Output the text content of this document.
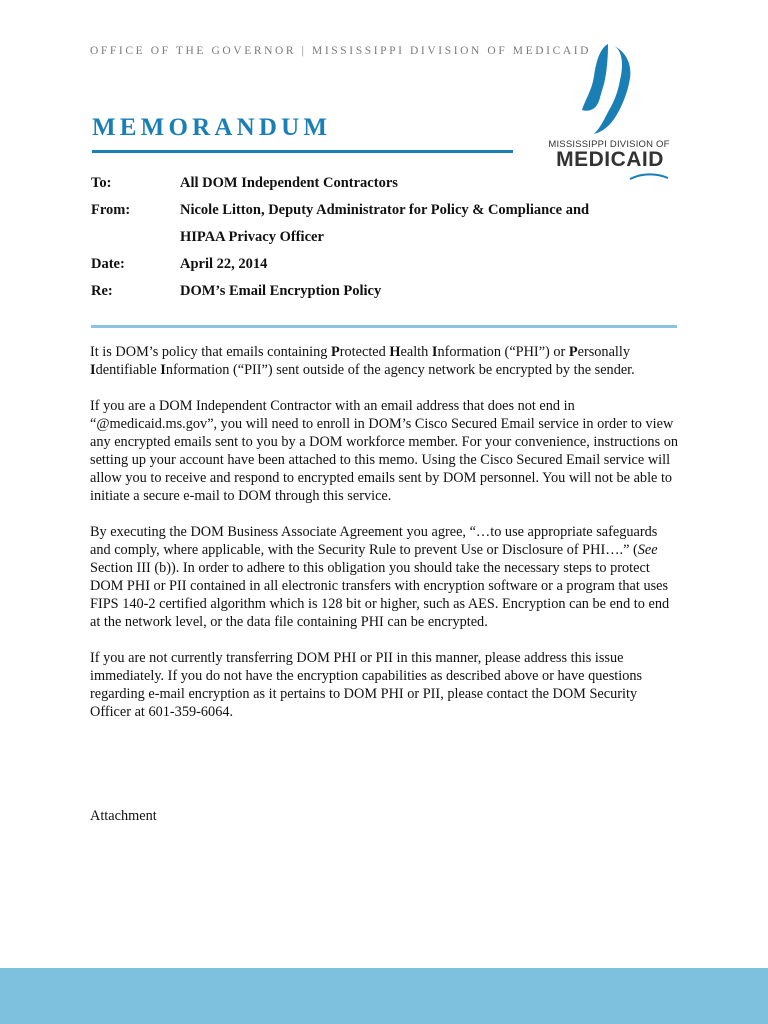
OFFICE OF THE GOVERNOR | MISSISSIPPI DIVISION OF MEDICAID
MEMORANDUM
MISSISSIPPI DIVISION OF
MEDICAID
To:	All DOM Independent Contractors
From:	Nicole Litton, Deputy Administrator for Policy & Compliance and
HIPAA Privacy Officer
Date:	April 22, 2014
Re:	DOM’s Email Encryption Policy

It is DOM’s policy that emails containing Protected Health Information (“PHI”) or Personally Identifiable Information (“PII”) sent outside of the agency network be encrypted by the sender.

If you are a DOM Independent Contractor with an email address that does not end in “@medicaid.ms.gov”, you will need to enroll in DOM’s Cisco Secured Email service in order to view any encrypted emails sent to you by a DOM workforce member. For your convenience, instructions on setting up your account have been attached to this memo. Using the Cisco Secured Email service will allow you to receive and respond to encrypted emails sent by DOM personnel. You will not be able to initiate a secure e-mail to DOM through this service.

By executing the DOM Business Associate Agreement you agree, “…to use appropriate safeguards and comply, where applicable, with the Security Rule to prevent Use or Disclosure of PHI….” (See Section III (b)). In order to adhere to this obligation you should take the necessary steps to protect DOM PHI or PII contained in all electronic transfers with encryption software or a program that uses FIPS 140-2 certified algorithm which is 128 bit or higher, such as AES. Encryption can be end to end at the network level, or the data file containing PHI can be encrypted.

If you are not currently transferring DOM PHI or PII in this manner, please address this issue immediately. If you do not have the encryption capabilities as described above or have questions regarding e-mail encryption as it pertains to DOM PHI or PII, please contact the DOM Security Officer at 601-359-6064.

Attachment
